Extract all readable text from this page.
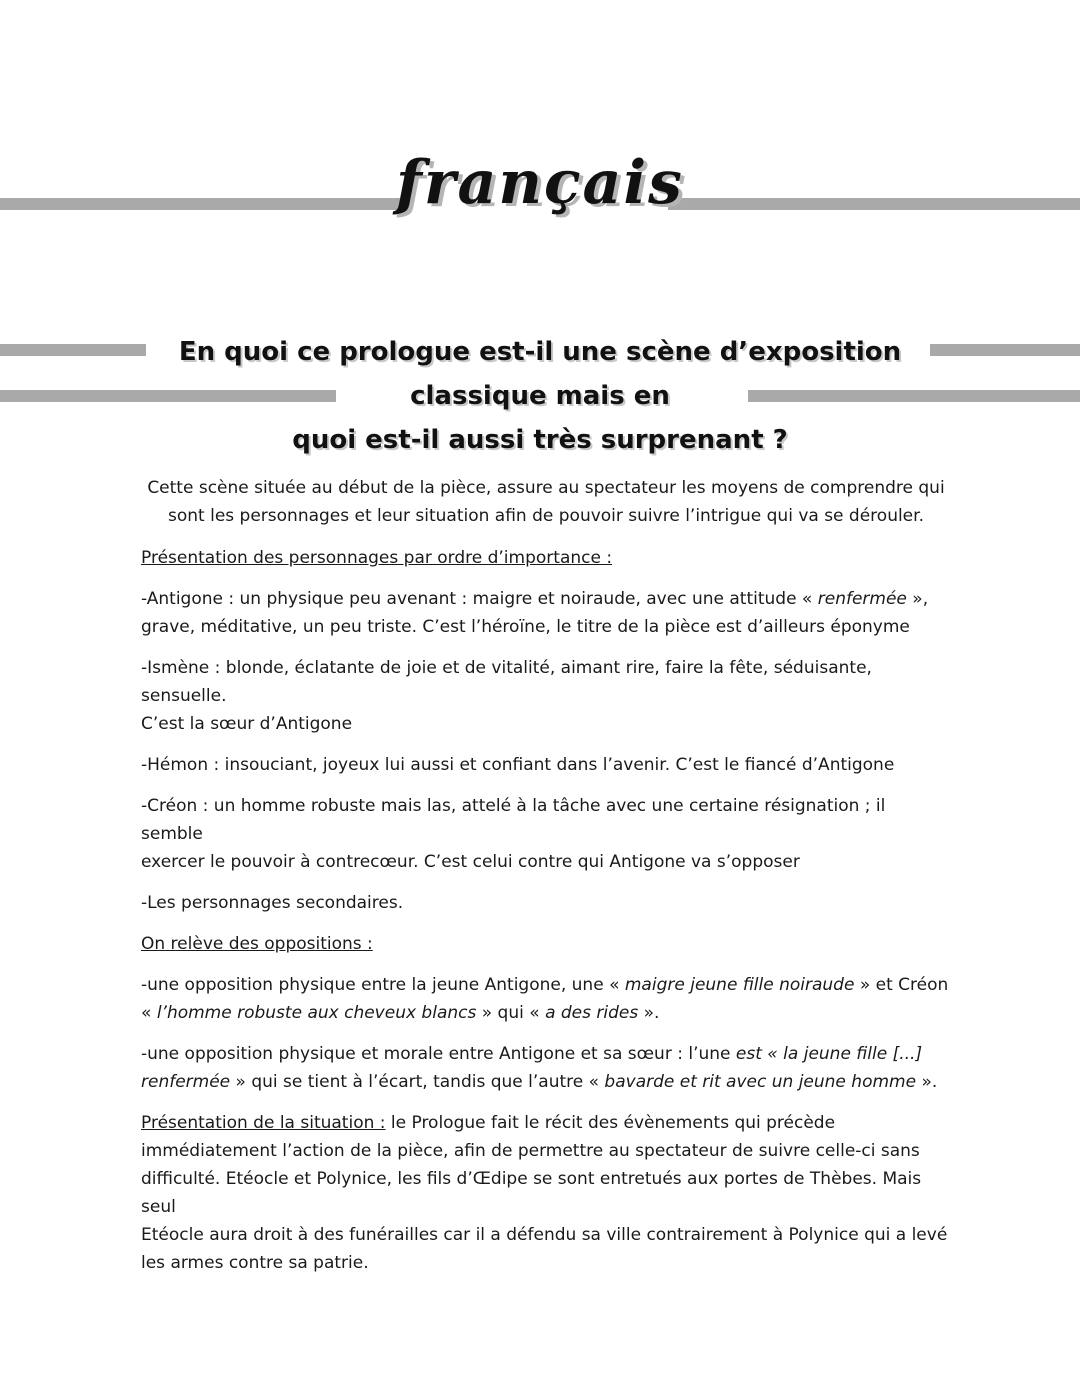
français
En quoi ce prologue est-il une scène d’exposition classique mais en
quoi est-il aussi très surprenant ?

Cette scène située au début de la pièce, assure au spectateur les moyens de comprendre qui
sont les personnages et leur situation afin de pouvoir suivre l’intrigue qui va se dérouler.

Présentation des personnages par ordre d’importance :

-Antigone : un physique peu avenant : maigre et noiraude, avec une attitude « renfermée »,
grave, méditative, un peu triste. C’est l’héroïne, le titre de la pièce est d’ailleurs éponyme

-Ismène : blonde, éclatante de joie et de vitalité, aimant rire, faire la fête, séduisante, sensuelle.
C’est la sœur d’Antigone

-Hémon : insouciant, joyeux lui aussi et confiant dans l’avenir. C’est le fiancé d’Antigone

-Créon : un homme robuste mais las, attelé à la tâche avec une certaine résignation ; il semble
exercer le pouvoir à contrecœur. C’est celui contre qui Antigone va s’opposer

-Les personnages secondaires.

On relève des oppositions :

-une opposition physique entre la jeune Antigone, une « maigre jeune fille noiraude » et Créon
« l’homme robuste aux cheveux blancs » qui « a des rides ».

-une opposition physique et morale entre Antigone et sa sœur : l’une est « la jeune fille [...]
renfermée » qui se tient à l’écart, tandis que l’autre « bavarde et rit avec un jeune homme ».

Présentation de la situation : le Prologue fait le récit des évènements qui précède
immédiatement l’action de la pièce, afin de permettre au spectateur de suivre celle-ci sans
difficulté. Etéocle et Polynice, les fils d’Œdipe se sont entretués aux portes de Thèbes. Mais seul
Etéocle aura droit à des funérailles car il a défendu sa ville contrairement à Polynice qui a levé
les armes contre sa patrie.
